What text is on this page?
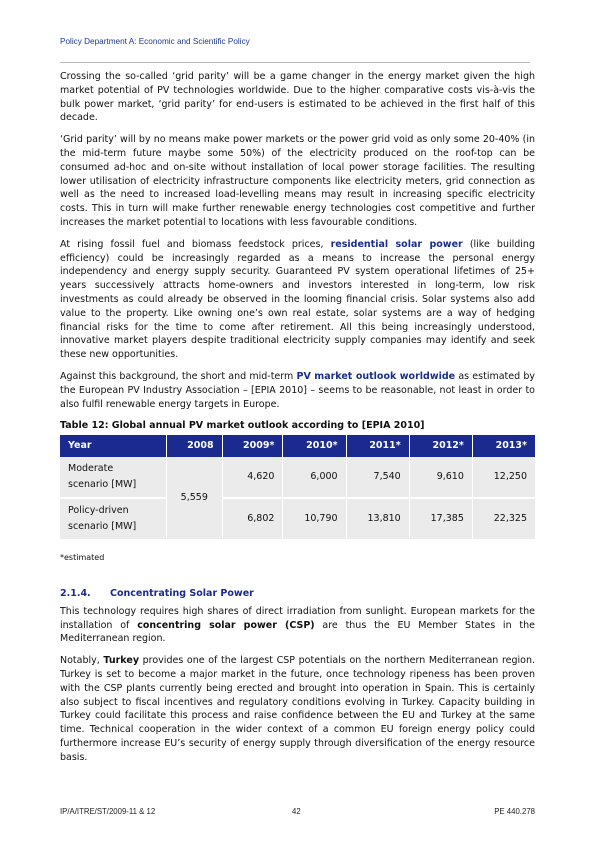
Policy Department A: Economic and Scientific Policy

Crossing the so-called ‘grid parity’ will be a game changer in the energy market given the high market potential of PV technologies worldwide. Due to the higher comparative costs vis-à-vis the bulk power market, ‘grid parity’ for end-users is estimated to be achieved in the first half of this decade.

‘Grid parity’ will by no means make power markets or the power grid void as only some 20-40% (in the mid-term future maybe some 50%) of the electricity produced on the roof-top can be consumed ad-hoc and on-site without installation of local power storage facilities. The resulting lower utilisation of electricity infrastructure components like electricity meters, grid connection as well as the need to increased load-levelling means may result in increasing specific electricity costs. This in turn will make further renewable energy technologies cost competitive and further increases the market potential to locations with less favourable conditions.

At rising fossil fuel and biomass feedstock prices, residential solar power (like building efficiency) could be increasingly regarded as a means to increase the personal energy independency and energy supply security. Guaranteed PV system operational lifetimes of 25+ years successively attracts home-owners and investors interested in long-term, low risk investments as could already be observed in the looming financial crisis. Solar systems also add value to the property. Like owning one’s own real estate, solar systems are a way of hedging financial risks for the time to come after retirement. All this being increasingly understood, innovative market players despite traditional electricity supply companies may identify and seek these new opportunities.

Against this background, the short and mid-term PV market outlook worldwide as estimated by the European PV Industry Association – [EPIA 2010] – seems to be reasonable, not least in order to also fulfil renewable energy targets in Europe.

Table 12: Global annual PV market outlook according to [EPIA 2010]
Year	2008	2009*	2010*	2011*	2012*	2013*
Moderate
scenario [MW]	5,559	4,620	6,000	7,540	9,610	12,250
Policy-driven
scenario [MW]		6,802	10,790	13,810	17,385	22,325
*estimated
2.1.4. Concentrating Solar Power

This technology requires high shares of direct irradiation from sunlight. European markets for the installation of concentring solar power (CSP) are thus the EU Member States in the Mediterranean region.

Notably, Turkey provides one of the largest CSP potentials on the northern Mediterranean region. Turkey is set to become a major market in the future, once technology ripeness has been proven with the CSP plants currently being erected and brought into operation in Spain. This is certainly also subject to fiscal incentives and regulatory conditions evolving in Turkey. Capacity building in Turkey could facilitate this process and raise confidence between the EU and Turkey at the same time. Technical cooperation in the wider context of a common EU foreign energy policy could furthermore increase EU’s security of energy supply through diversification of the energy resource basis.

IP/A/ITRE/ST/2009-11 & 12	42	PE 440.278
